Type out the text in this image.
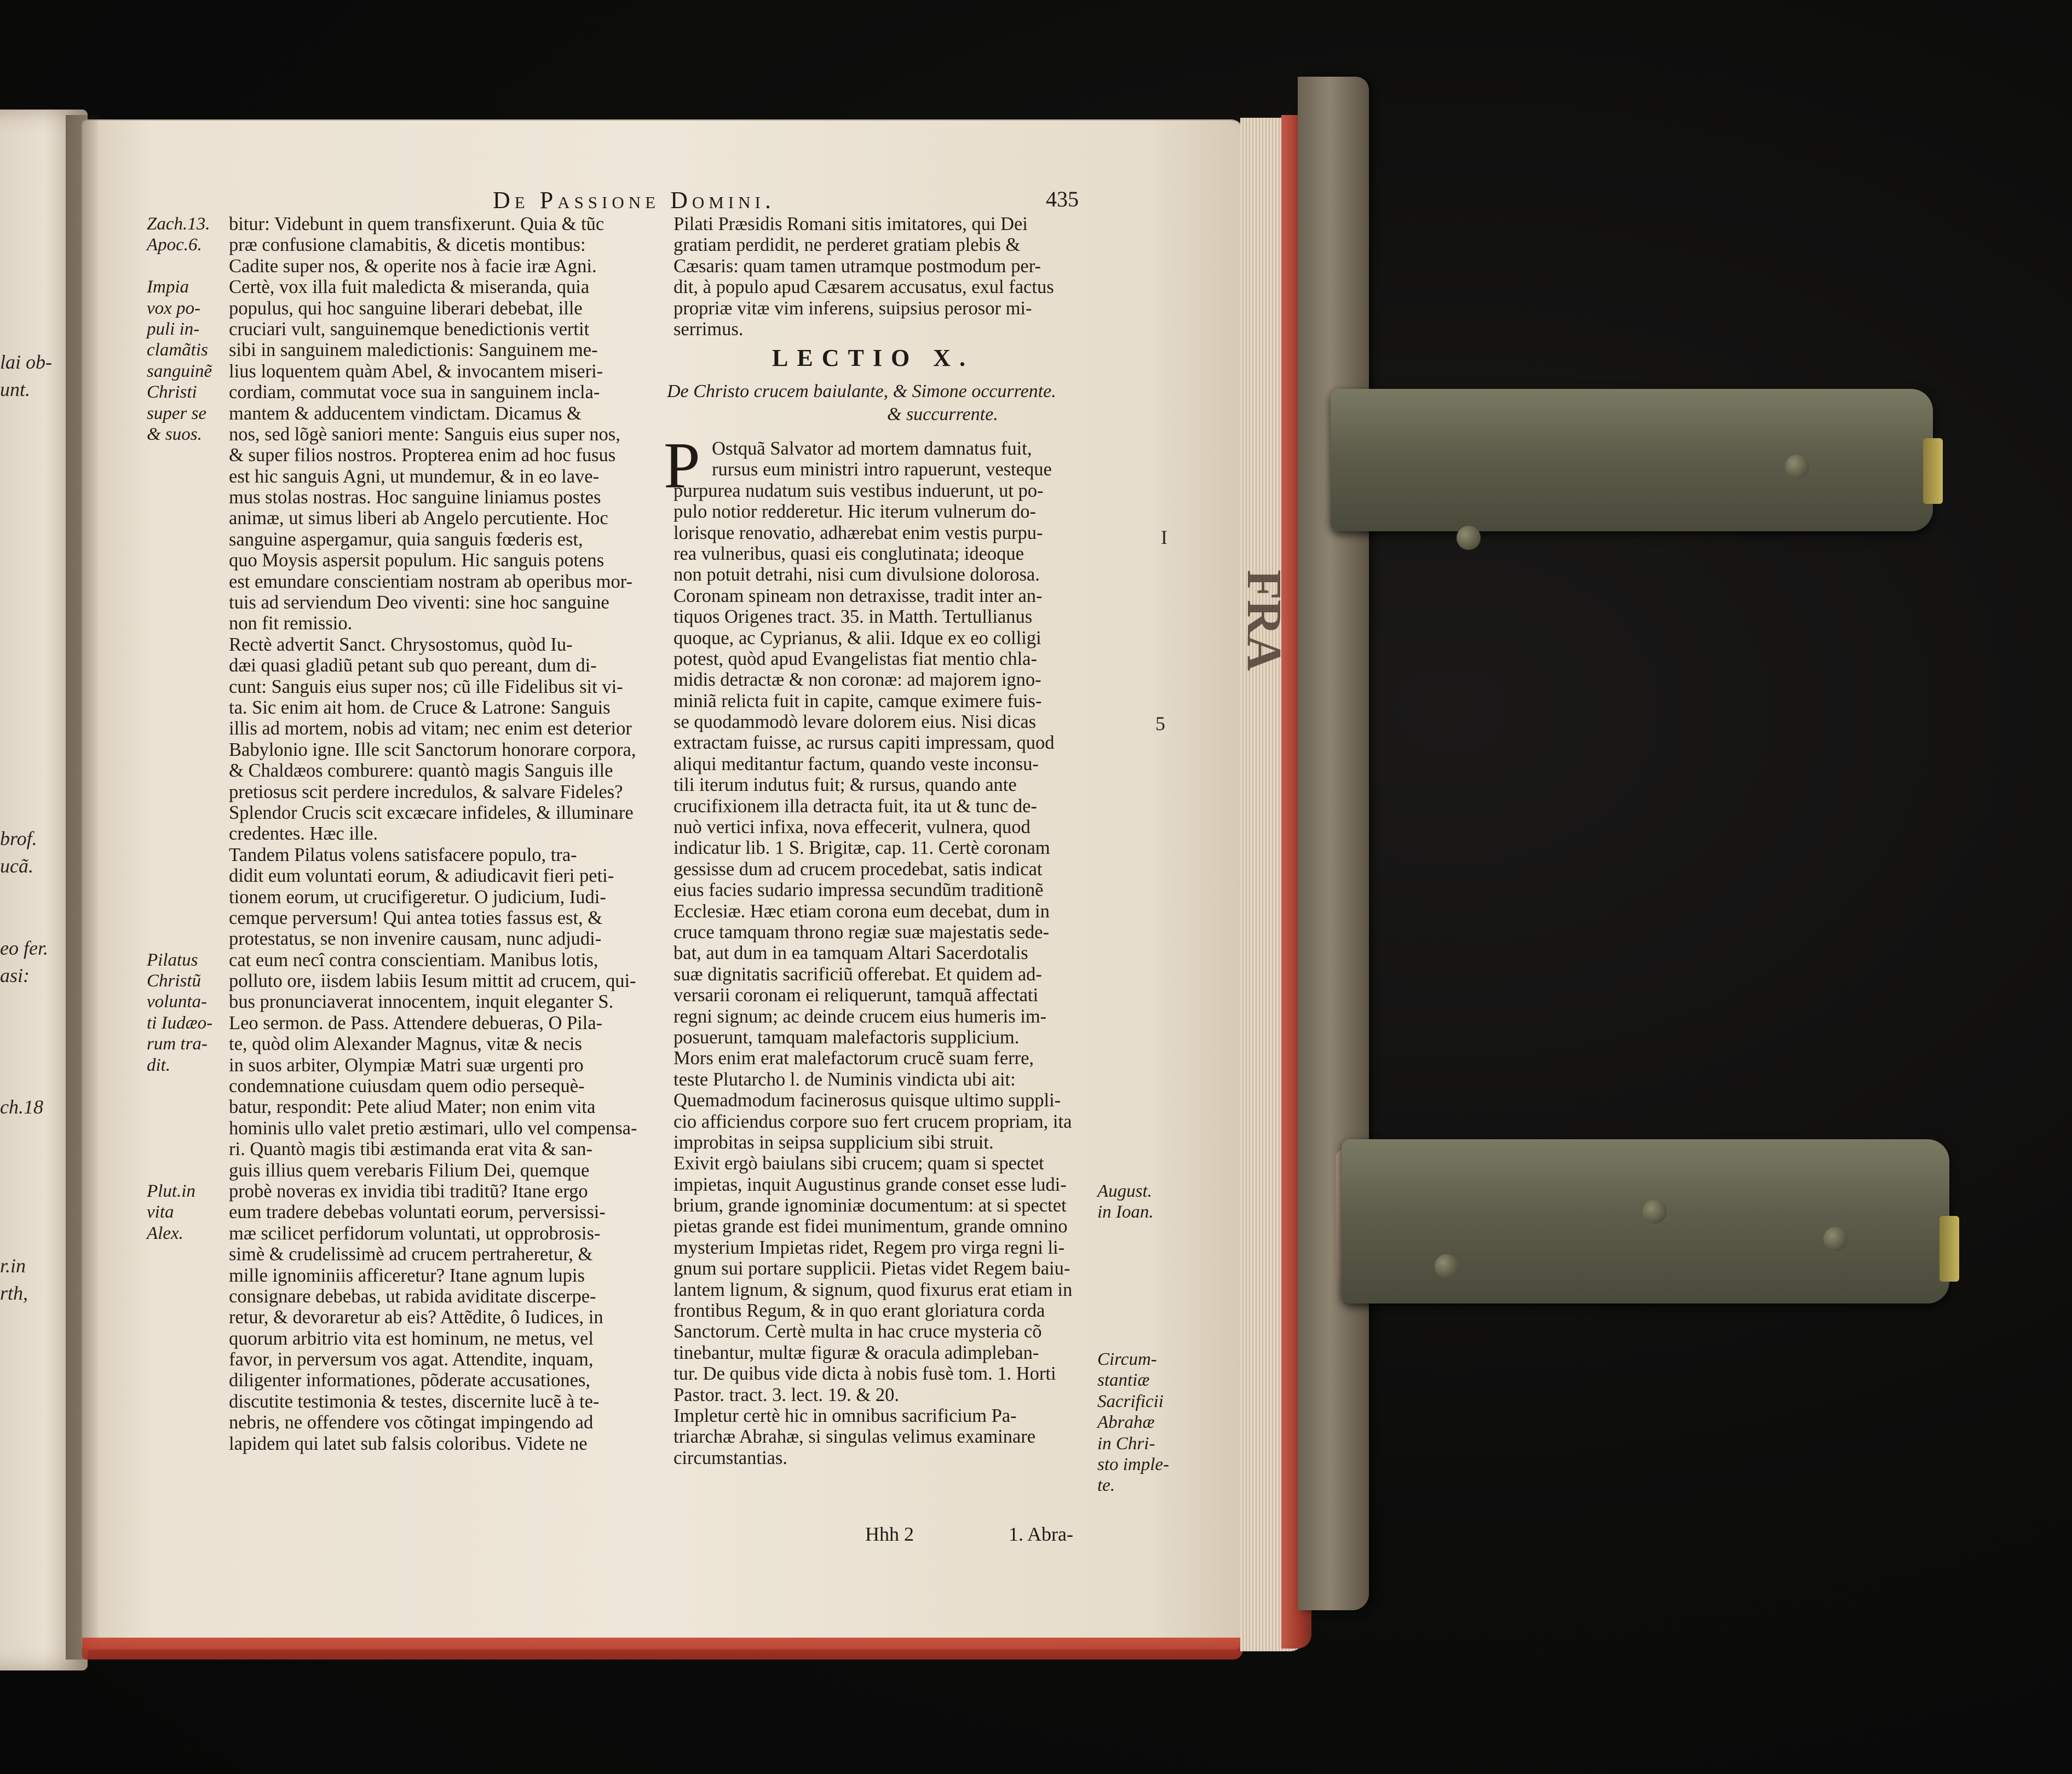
lai ob-
unt.
brof.
ucã.
eo fer.
asi:
ch.18
r.in
rth,
FRA
De Passione Domini.	435
Zach.13.
Apoc.6.
Impia
vox po-
puli in-
clamãtis
sanguinẽ
Christi
super se
& suos.
Pilatus
Christũ
volunta-
ti Iudæo-
rum tra-
dit.
Plut.in
vita
Alex.
bitur: Videbunt in quem transfixerunt. Quia & tũc
præ confusione clamabitis, & dicetis montibus:
Cadite super nos, & operite nos à facie iræ Agni.
Certè, vox illa fuit maledicta & miseranda, quia
populus, qui hoc sanguine liberari debebat, ille
cruciari vult, sanguinemque benedictionis vertit
sibi in sanguinem maledictionis: Sanguinem me-
lius loquentem quàm Abel, & invocantem miseri-
cordiam, commutat voce sua in sanguinem incla-
mantem & adducentem vindictam. Dicamus &
nos, sed lõgè saniori mente: Sanguis eius super nos,
& super filios nostros. Propterea enim ad hoc fusus
est hic sanguis Agni, ut mundemur, & in eo lave-
mus stolas nostras. Hoc sanguine liniamus postes
animæ, ut simus liberi ab Angelo percutiente. Hoc
sanguine aspergamur, quia sanguis fœderis est,
quo Moysis aspersit populum. Hic sanguis potens
est emundare conscientiam nostram ab operibus mor-
tuis ad serviendum Deo viventi: sine hoc sanguine
non fit remissio.
Rectè advertit Sanct. Chrysostomus, quòd Iu-
dæi quasi gladiũ petant sub quo pereant, dum di-
cunt: Sanguis eius super nos; cũ ille Fidelibus sit vi-
ta. Sic enim ait hom. de Cruce & Latrone: Sanguis
illis ad mortem, nobis ad vitam; nec enim est deterior
Babylonio igne. Ille scit Sanctorum honorare corpora,
& Chaldæos comburere: quantò magis Sanguis ille
pretiosus scit perdere incredulos, & salvare Fideles?
Splendor Crucis scit excæcare infideles, & illuminare
credentes. Hæc ille.
Tandem Pilatus volens satisfacere populo, tra-
didit eum voluntati eorum, & adiudicavit fieri peti-
tionem eorum, ut crucifigeretur. O judicium, Iudi-
cemque perversum! Qui antea toties fassus est, &
protestatus, se non invenire causam, nunc adjudi-
cat eum necî contra conscientiam. Manibus lotis,
polluto ore, iisdem labiis Iesum mittit ad crucem, qui-
bus pronunciaverat innocentem, inquit eleganter S.
Leo sermon. de Pass. Attendere debueras, O Pila-
te, quòd olim Alexander Magnus, vitæ & necis
in suos arbiter, Olympiæ Matri suæ urgenti pro
condemnatione cuiusdam quem odio persequè-
batur, respondit: Pete aliud Mater; non enim vita
hominis ullo valet pretio æstimari, ullo vel compensa-
ri. Quantò magis tibi æstimanda erat vita & san-
guis illius quem verebaris Filium Dei, quemque
probè noveras ex invidia tibi traditũ? Itane ergo
eum tradere debebas voluntati eorum, perversissi-
mæ scilicet perfidorum voluntati, ut opprobrosis-
simè & crudelissimè ad crucem pertraheretur, &
mille ignominiis afficeretur? Itane agnum lupis
consignare debebas, ut rabida aviditate discerpe-
retur, & devoraretur ab eis? Attẽdite, ô Iudices, in
quorum arbitrio vita est hominum, ne metus, vel
favor, in perversum vos agat. Attendite, inquam,
diligenter informationes, põderate accusationes,
discutite testimonia & testes, discernite lucẽ à te-
nebris, ne offendere vos cõtingat impingendo ad
lapidem qui latet sub falsis coloribus. Videte ne
Pilati Præsidis Romani sitis imitatores, qui Dei
gratiam perdidit, ne perderet gratiam plebis &
Cæsaris: quam tamen utramque postmodum per-
dit, à populo apud Cæsarem accusatus, exul factus
propriæ vitæ vim inferens, suipsius perosor mi-
serrimus.
LECTIO X.
De Christo crucem baiulante, & Simone occurrente.
& succurrente.
P Ostquã Salvator ad mortem damnatus fuit,
rursus eum ministri intro rapuerunt, vesteque
purpurea nudatum suis vestibus induerunt, ut po-
pulo notior redderetur. Hic iterum vulnerum do-
lorisque renovatio, adhærebat enim vestis purpu-
rea vulneribus, quasi eis conglutinata; ideoque
non potuit detrahi, nisi cum divulsione dolorosa.
Coronam spineam non detraxisse, tradit inter an-
tiquos Origenes tract. 35. in Matth. Tertullianus
quoque, ac Cyprianus, & alii. Idque ex eo colligi
potest, quòd apud Evangelistas fiat mentio chla-
midis detractæ & non coronæ: ad majorem igno-
miniã relicta fuit in capite, camque eximere fuis-
se quodammodò levare dolorem eius. Nisi dicas
extractam fuisse, ac rursus capiti impressam, quod
aliqui meditantur factum, quando veste inconsu-
tili iterum indutus fuit; & rursus, quando ante
crucifixionem illa detracta fuit, ita ut & tunc de-
nuò vertici infixa, nova effecerit, vulnera, quod
indicatur lib. 1 S. Brigitæ, cap. 11. Certè coronam
gessisse dum ad crucem procedebat, satis indicat
eius facies sudario impressa secundũm traditionẽ
Ecclesiæ. Hæc etiam corona eum decebat, dum in
cruce tamquam throno regiæ suæ majestatis sede-
bat, aut dum in ea tamquam Altari Sacerdotalis
suæ dignitatis sacrificiũ offerebat. Et quidem ad-
versarii coronam ei reliquerunt, tamquã affectati
regni signum; ac deinde crucem eius humeris im-
posuerunt, tamquam malefactoris supplicium.
Mors enim erat malefactorum crucẽ suam ferre,
teste Plutarcho l. de Numinis vindicta ubi ait:
Quemadmodum facinerosus quisque ultimo suppli-
cio afficiendus corpore suo fert crucem propriam, ita
improbitas in seipsa supplicium sibi struit.
Exivit ergò baiulans sibi crucem; quam si spectet
impietas, inquit Augustinus grande conset esse ludi-
brium, grande ignominiæ documentum: at si spectet
pietas grande est fidei munimentum, grande omnino
mysterium Impietas ridet, Regem pro virga regni li-
gnum sui portare supplicii. Pietas videt Regem baiu-
lantem lignum, & signum, quod fixurus erat etiam in
frontibus Regum, & in quo erant gloriatura corda
Sanctorum. Certè multa in hac cruce mysteria cõ
tinebantur, multæ figuræ & oracula adimpleban-
tur. De quibus vide dicta à nobis fusè tom. 1. Horti
Pastor. tract. 3. lect. 19. & 20.
Impletur certè hic in omnibus sacrificium Pa-
triarchæ Abrahæ, si singulas velimus examinare
circumstantias.
August.
in Ioan.
Circum-
stantiæ
Sacrificii
Abrahæ
in Chri-
sto imple-
te.
Hhh 2	1. Abra-
I
5
